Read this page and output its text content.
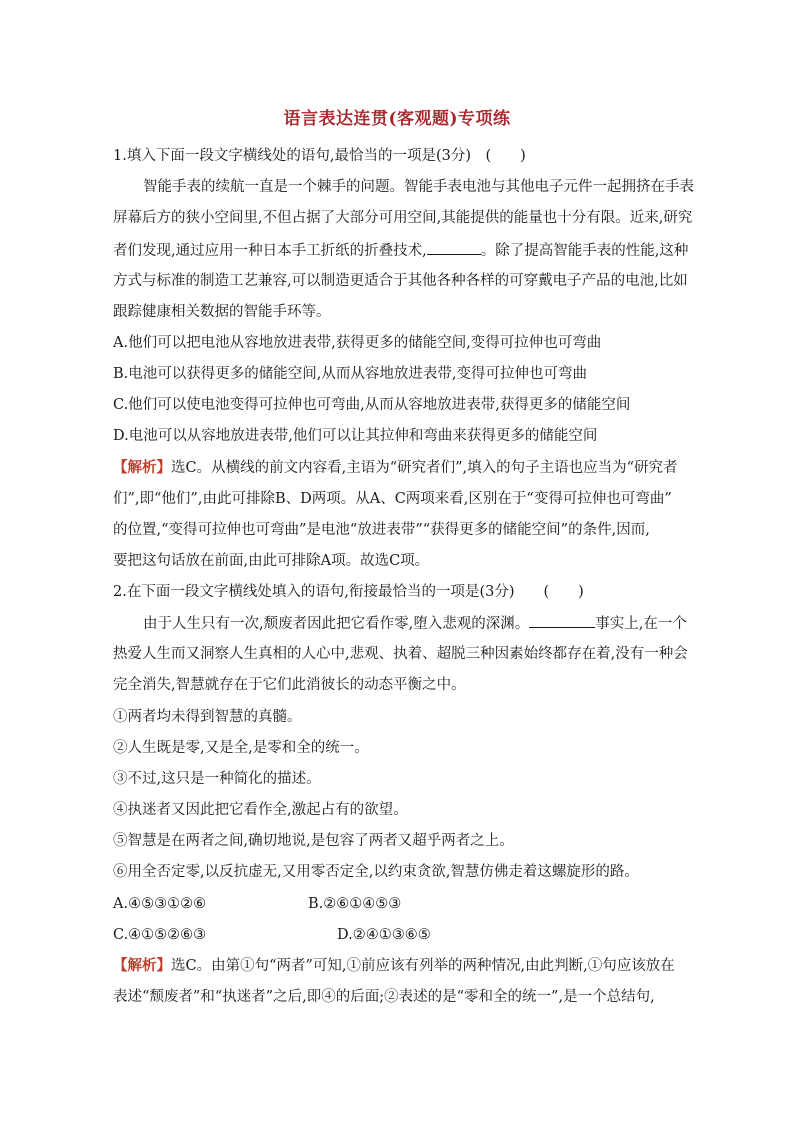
语言表达连贯(客观题)专项练
1.填入下面一段文字横线处的语句,最恰当的一项是(3分)　(　　)
智能手表的续航一直是一个棘手的问题。智能手表电池与其他电子元件一起拥挤在手表
屏幕后方的狭小空间里,不但占据了大部分可用空间,其能提供的能量也十分有限。近来,研究
者们发现,通过应用一种日本手工折纸的折叠技术,	。除了提高智能手表的性能,这种
方式与标准的制造工艺兼容,可以制造更适合于其他各种各样的可穿戴电子产品的电池,比如
跟踪健康相关数据的智能手环等。
A.他们可以把电池从容地放进表带,获得更多的储能空间,变得可拉伸也可弯曲
B.电池可以获得更多的储能空间,从而从容地放进表带,变得可拉伸也可弯曲
C.他们可以使电池变得可拉伸也可弯曲,从而从容地放进表带,获得更多的储能空间
D.电池可以从容地放进表带,他们可以让其拉伸和弯曲来获得更多的储能空间
【解析】选C。从横线的前文内容看,主语为“研究者们”,填入的句子主语也应当为“研究者
们”,即“他们”,由此可排除B、D两项。从A、C两项来看,区别在于“变得可拉伸也可弯曲”
的位置,“变得可拉伸也可弯曲”是电池“放进表带”“获得更多的储能空间”的条件,因而,
要把这句话放在前面,由此可排除A项。故选C项。
2.在下面一段文字横线处填入的语句,衔接最恰当的一项是(3分)　　(　　)
由于人生只有一次,颓废者因此把它看作零,堕入悲观的深渊。	事实上,在一个
热爱人生而又洞察人生真相的人心中,悲观、执着、超脱三种因素始终都存在着,没有一种会
完全消失,智慧就存在于它们此消彼长的动态平衡之中。
①两者均未得到智慧的真髓。
②人生既是零,又是全,是零和全的统一。
③不过,这只是一种简化的描述。
④执迷者又因此把它看作全,激起占有的欲望。
⑤智慧是在两者之间,确切地说,是包容了两者又超乎两者之上。
⑥用全否定零,以反抗虚无,又用零否定全,以约束贪欲,智慧仿佛走着这螺旋形的路。
A.④⑤③①②⑥	B.②⑥①④⑤③
C.④①⑤②⑥③	D.②④①③⑥⑤
【解析】选C。由第①句“两者”可知,①前应该有列举的两种情况,由此判断,①句应该放在
表述“颓废者”和“执迷者”之后,即④的后面;②表述的是“零和全的统一”,是一个总结句,
